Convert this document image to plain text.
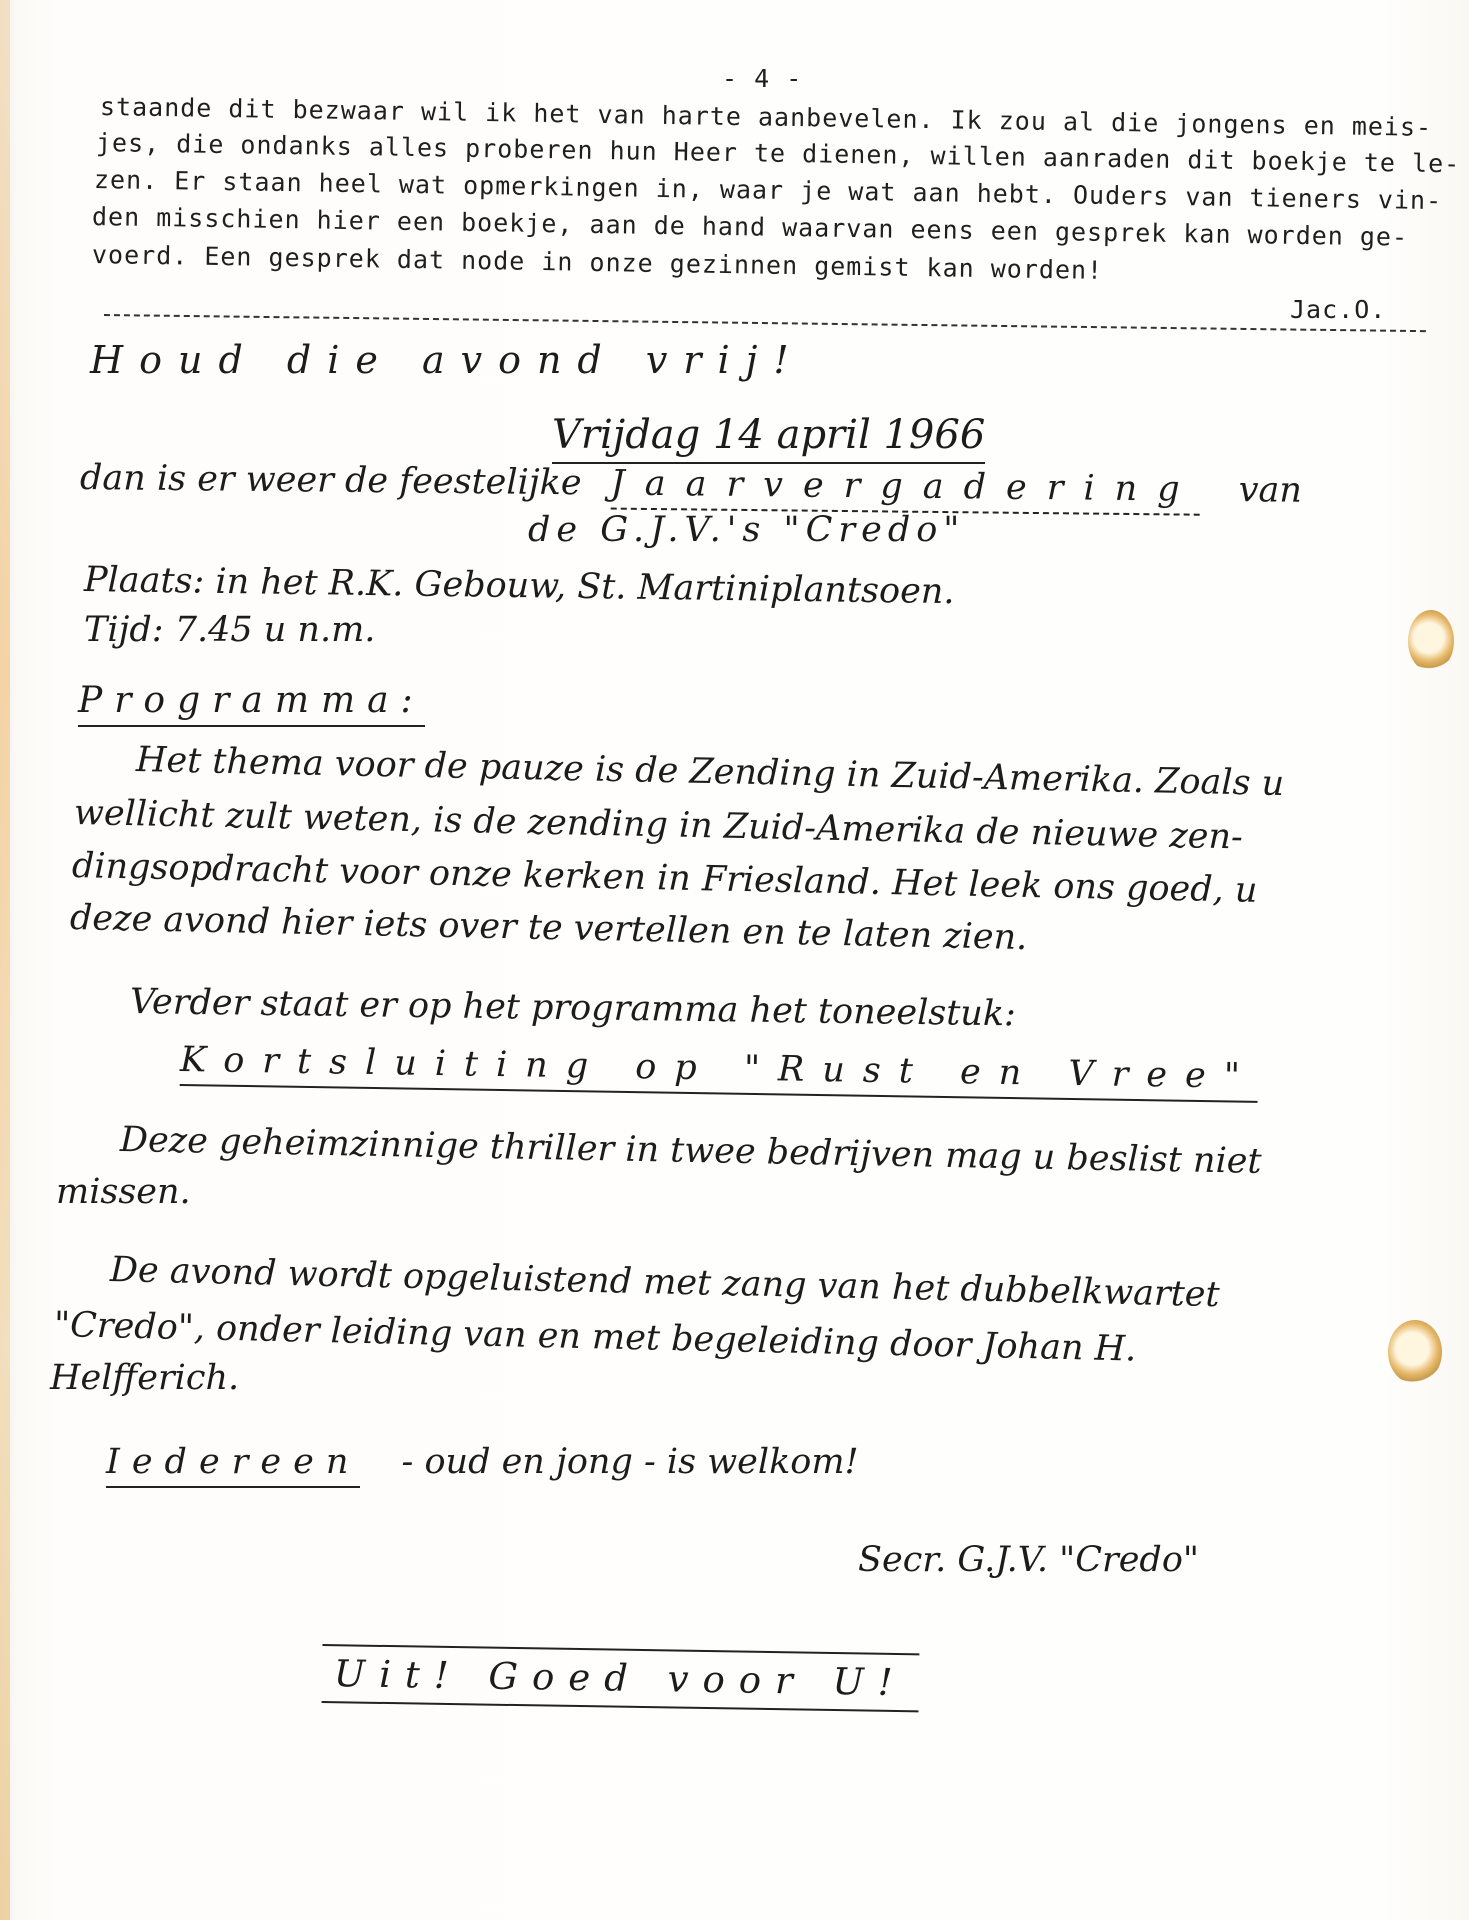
- 4 -
staande dit bezwaar wil ik het van harte aanbevelen. Ik zou al die jongens en meis-
jes, die ondanks alles proberen hun Heer te dienen, willen aanraden dit boekje te le-
zen. Er staan heel wat opmerkingen in, waar je wat aan hebt. Ouders van tieners vin-
den misschien hier een boekje, aan de hand waarvan eens een gesprek kan worden ge-
voerd. Een gesprek dat node in onze gezinnen gemist kan worden!
Jac.O.
Houd die avond vrij!
Vrijdag 14 april 1966
dan is er weer de feestelijke Jaarvergadering van
de G.J.V.'s "Credo"
Plaats: in het R.K. Gebouw, St. Martiniplantsoen.
Tijd: 7.45 u n.m.
Programma:
Het thema voor de pauze is de Zending in Zuid-Amerika. Zoals u
wellicht zult weten, is de zending in Zuid-Amerika de nieuwe zen-
dingsopdracht voor onze kerken in Friesland. Het leek ons goed, u
deze avond hier iets over te vertellen en te laten zien.
Verder staat er op het programma het toneelstuk:
Kortsluiting op "Rust en Vree"
Deze geheimzinnige thriller in twee bedrijven mag u beslist niet
missen.
De avond wordt opgeluistend met zang van het dubbelkwartet
"Credo", onder leiding van en met begeleiding door Johan H.
Helfferich.
Iedereen - oud en jong - is welkom!
Secr. G.J.V. "Credo"
Uit! Goed voor U!
